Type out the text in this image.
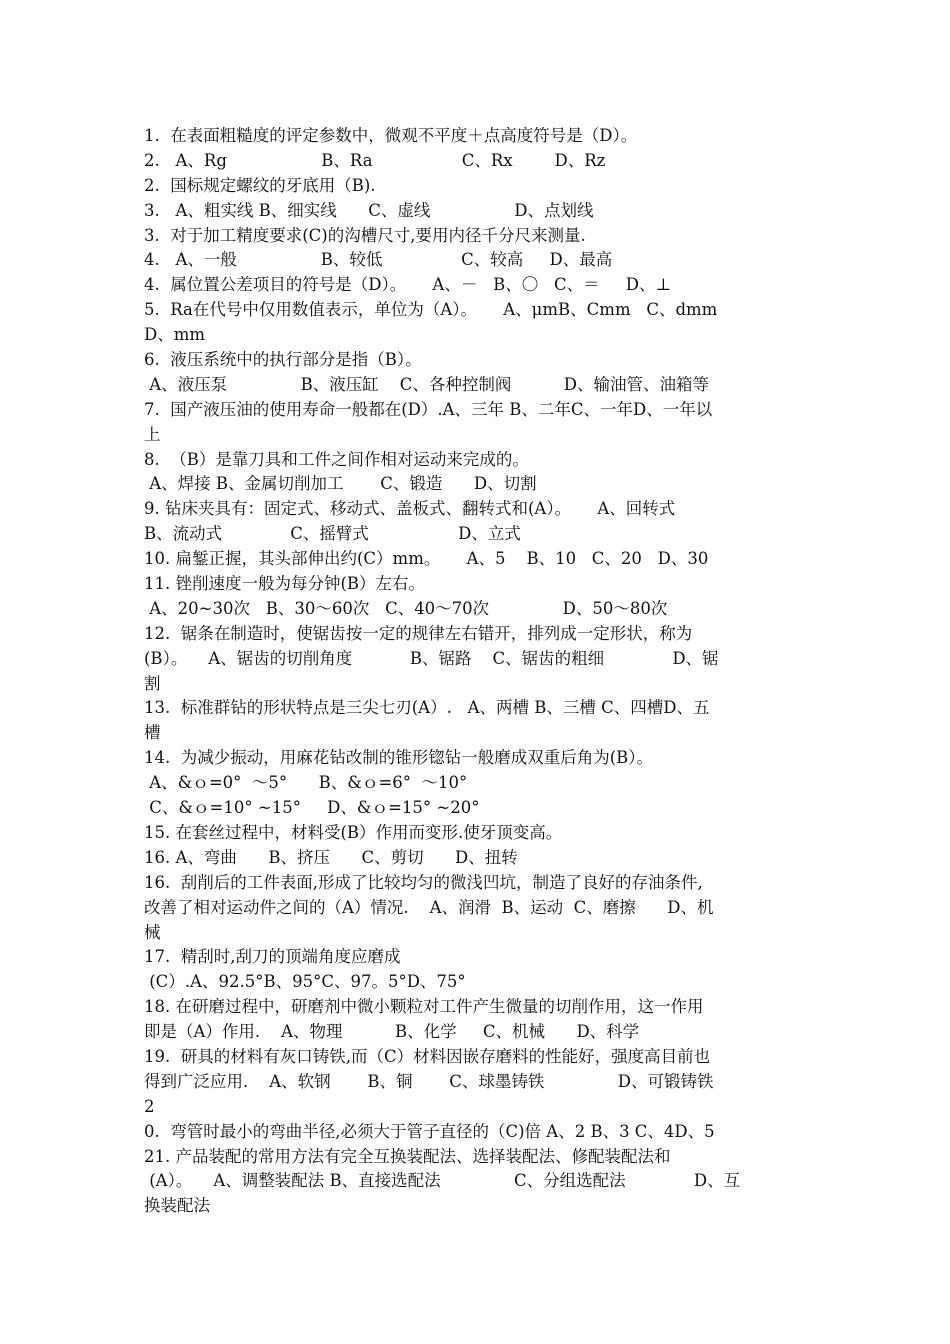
1.  在表面粗糙度的评定参数中，微观不平度＋点高度符号是（D）。
2.   A、Rg                  B、Ra                 C、Rx        D、Rz
2.  国标规定螺纹的牙底用（B).
3.   A、粗实线 B、细实线      C、虚线                D、点划线
3.  对于加工精度要求(C)的沟槽尺寸,要用内径千分尺来测量.
4.   A、一般                B、较低               C、较高     D、最高
4.  属位置公差项目的符号是（D）。     A、－   B、〇   C、＝     D、⊥
5.  Ra在代号中仅用数值表示，单位为（A）。     A、μmB、Cmm   C、dmm
D、mm
6.  液压系统中的执行部分是指（B）。
A、液压泵              B、液压缸    C、各种控制阀          D、输油管、油箱等
7.  国产液压油的使用寿命一般都在(D）.A、三年 B、二年C、一年D、一年以
上
8.  （B）是靠刀具和工件之间作相对运动来完成的。
A、焊接 B、金属切削加工       C、锻造      D、切割
9. 钻床夹具有：固定式、移动式、盖板式、翻转式和(A）。     A、回转式
B、流动式             C、摇臂式                 D、立式
10. 扁錾正握，其头部伸出约(C）mm。     A、5    B、10   C、20   D、30
11. 锉削速度一般为每分钟(B）左右。
A、20~30次   B、30～60次   C、40～70次              D、50～80次
12.  锯条在制造时，使锯齿按一定的规律左右错开，排列成一定形状，称为
(B）。    A、锯齿的切削角度           B、锯路    C、锯齿的粗细             D、锯
割
13.  标准群钻的形状特点是三尖七刃(A）.   A、两槽 B、三槽 C、四槽D、五
槽
14.  为减少振动，用麻花钻改制的锥形锪钻一般磨成双重后角为(B）。
A、&ｏ=0°  ～5°      B、&ｏ=6°  ～10°
C、&ｏ=10° ~15°     D、&ｏ=15° ~20°
15. 在套丝过程中，材料受(B）作用而变形.使牙顶变高。
16. A、弯曲      B、挤压      C、剪切      D、扭转
16.  刮削后的工件表面,形成了比较均匀的微浅凹坑，制造了良好的存油条件,
改善了相对运动件之间的（A）情况.    A、润滑  B、运动  C、磨擦      D、机
械
17.  精刮时,刮刀的顶端角度应磨成
(C）.A、92.5°B、95°C、97。5°D、75°
18. 在研磨过程中，研磨剂中微小颗粒对工件产生微量的切削作用，这一作用
即是（A）作用.    A、物理          B、化学     C、机械      D、科学
19.  研具的材料有灰口铸铁,而（C）材料因嵌存磨料的性能好，强度高目前也
得到广泛应用.    A、软钢       B、铜       C、球墨铸铁              D、可锻铸铁
2
0.  弯管时最小的弯曲半径,必须大于管子直径的（C)倍 A、2 B、3 C、4D、5
21. 产品装配的常用方法有完全互换装配法、选择装配法、修配装配法和
(A）。    A、调整装配法 B、直接选配法              C、分组选配法             D、互
换装配法
